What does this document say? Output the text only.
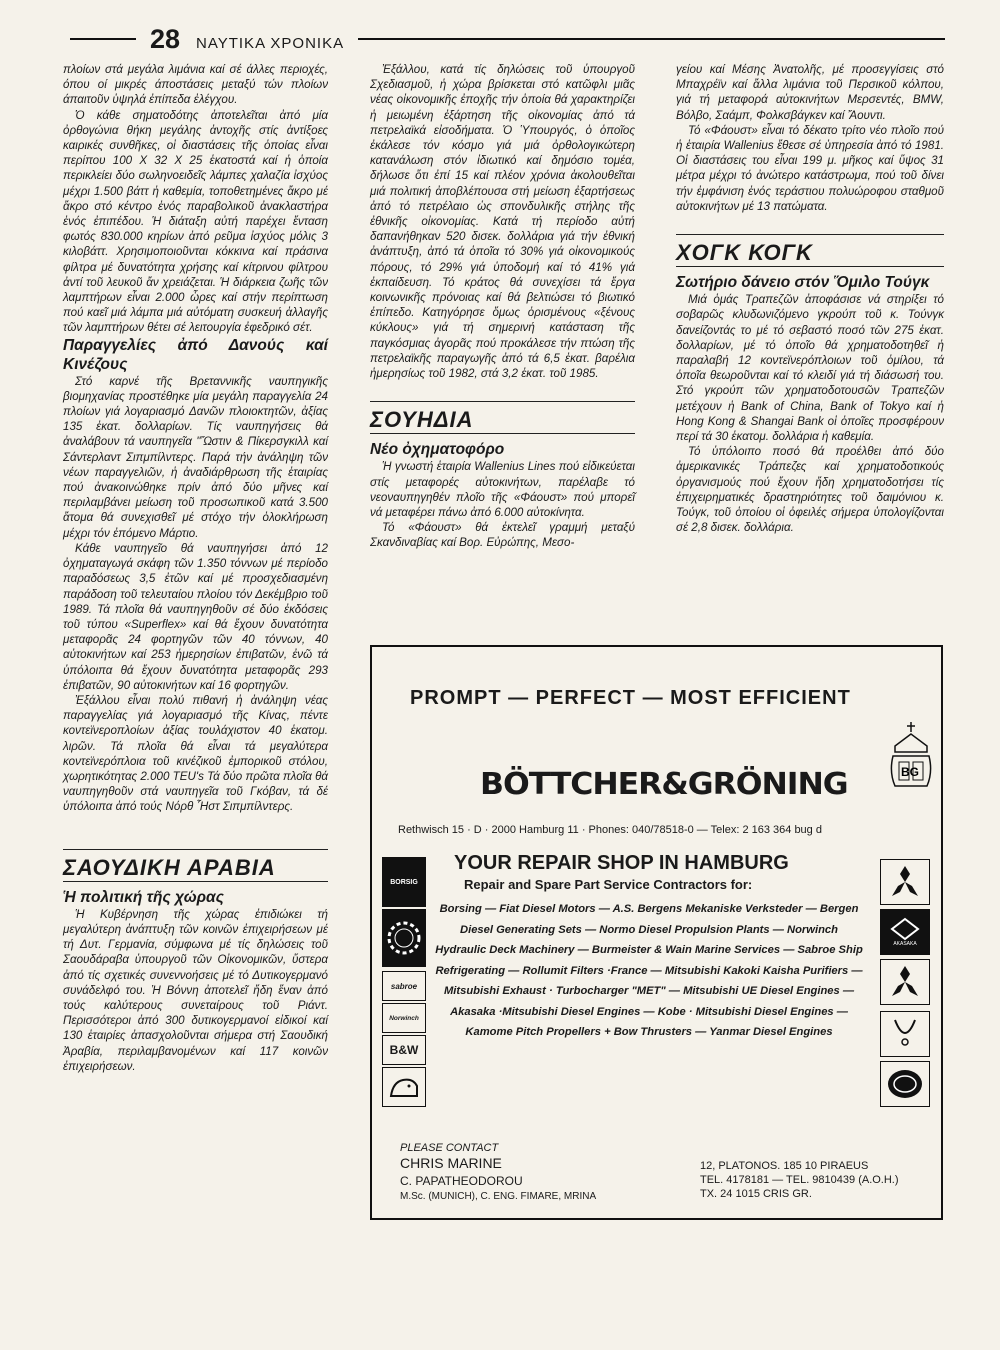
28 ΝΑΥΤΙΚΑ ΧΡΟΝΙΚΑ

πλοίων στά μεγάλα λιμάνια καί σέ άλλες περιοχές, όπου οί μικρές άποστάσεις μεταξύ τών πλοίων άπαιτοῦν ὑψηλά ἐπίπεδα ἐλέγχου.

Ὁ κάθε σηματοδότης ἀποτελεῖται ἀπό μία ὀρθογώνια θήκη μεγάλης ἀντοχῆς στίς ἀντίξοες καιρικές συνθῆκες, οἱ διαστάσεις τῆς ὁποίας εἶναι περίπου 100 Χ 32 Χ 25 ἑκατοστά καί ἡ ὁποία περικλείει δύο σωληνοειδεῖς λάμπες χαλαζία ἰσχύος μέχρι 1.500 βάττ ἡ καθεμία, τοποθετημένες ἄκρο μέ ἄκρο στό κέντρο ἑνός παραβολικοῦ ἀνακλαστήρα ἑνός ἐπιπέδου. Ἡ διάταξη αὐτή παρέχει ἔνταση φωτός 830.000 κηρίων ἀπό ρεῦμα ἰσχύος μόλις 3 κιλοβάττ. Χρησιμοποιοῦνται κόκκινα καί πράσινα φίλτρα μέ δυνατότητα χρήσης καί κίτρινου φίλτρου ἀντί τοῦ λευκοῦ ἄν χρειάζεται. Ἡ διάρκεια ζωῆς τῶν λαμπτήρων εἶναι 2.000 ὧρες καί στήν περίπτωση πού καεῖ μιά λάμπα μιά αὐτόματη συσκευή ἀλλαγῆς τῶν λαμπτήρων θέτει σέ λειτουργία ἐφεδρικό σέτ.

Παραγγελίες ἀπό Δανούς καί Κινέζους

Στό καρνέ τῆς Βρεταννικῆς ναυπηγικῆς βιομηχανίας προστέθηκε μία μεγάλη παραγγελία 24 πλοίων γιά λογαριασμό Δανῶν πλοιοκτητῶν, ἀξίας 135 ἑκατ. δολλαρίων. Τίς ναυπηγήσεις θά ἀναλάβουν τά ναυπηγεῖα "Ὤστιν & Πίκερσγκιλλ καί Σάντερλαντ Σιπμπίλντερς. Παρά τήν ἀνάληψη τῶν νέων παραγγελιῶν, ἡ ἀναδιάρθρωση τῆς ἑταιρίας πού ἀνακοινώθηκε πρίν ἀπό δύο μῆνες καί περιλαμβάνει μείωση τοῦ προσωπικοῦ κατά 3.500 ἄτομα θά συνεχισθεῖ μέ στόχο τήν ὁλοκλήρωση μέχρι τόν ἐπόμενο Μάρτιο.

Κάθε ναυπηγεῖο θά ναυπηγήσει ἀπό 12 ὀχηματαγωγά σκάφη τῶν 1.350 τόννων μέ περίοδο παραδόσεως 3,5 ἐτῶν καί μέ προσχεδιασμένη παράδοση τοῦ τελευταίου πλοίου τόν Δεκέμβριο τοῦ 1989. Τά πλοῖα θά ναυπηγηθοῦν σέ δύο ἐκδόσεις τοῦ τύπου «Superflex» καί θά ἔχουν δυνατότητα μεταφορᾶς 24 φορτηγῶν τῶν 40 τόννων, 40 αὐτοκινήτων καί 253 ἡμερησίων ἐπιβατῶν, ἐνῶ τά ὑπόλοιπα θά ἔχουν δυνατότητα μεταφορᾶς 293 ἐπιβατῶν, 90 αὐτοκινήτων καί 16 φορτηγῶν.

Ἐξάλλου εἶναι πολύ πιθανή ἡ ἀνάληψη νέας παραγγελίας γιά λογαριασμό τῆς Κίνας, πέντε κοντεϊνεροπλοίων ἀξίας τουλάχιστον 40 ἑκατομ. λιρῶν. Τά πλοῖα θά εἶναι τά μεγαλύτερα κοντεϊνερόπλοια τοῦ κινέζικοῦ ἐμπορικοῦ στόλου, χωρητικότητας 2.000 TEU's Τά δύο πρῶτα πλοῖα θά ναυπηγηθοῦν στά ναυπηγεῖα τοῦ Γκόβαν, τά δέ ὑπόλοιπα ἀπό τούς Νόρθ Ἧστ Σιπμπίλντερς.

ΣΑΟΥΔΙΚΗ ΑΡΑΒΙΑ

Ἡ πολιτική τῆς χώρας

Ἡ Κυβέρνηση τῆς χώρας ἐπιδιώκει τή μεγαλύτερη ἀνάπτυξη τῶν κοινῶν ἐπιχειρήσεων μέ τή Δυτ. Γερμανία, σύμφωνα μέ τίς δηλώσεις τοῦ Σαουδάραβα ὑπουργοῦ τῶν Οἰκονομικῶν, ὕστερα ἀπό τίς σχετικές συνεννοήσεις μέ τό Δυτικογερμανό συνάδελφό του. Ἡ Βόννη ἀποτελεῖ ἤδη ἕναν ἀπό τούς καλύτερους συνεταίρους τοῦ Ριάντ. Περισσότεροι ἀπό 300 δυτικογερμανοί εἰδικοί καί 130 ἑταιρίες ἀπασχολοῦνται σήμερα στή Σαουδική Ἀραβία, περιλαμβανομένων καί 117 κοινῶν ἐπιχειρήσεων.

Ἐξάλλου, κατά τίς δηλώσεις τοῦ ὑπουργοῦ Σχεδιασμοῦ, ἡ χώρα βρίσκεται στό κατῶφλι μιᾶς νέας οἰκονομικῆς ἐποχῆς τήν ὁποία θά χαρακτηρίζει ἡ μειωμένη ἐξάρτηση τῆς οἰκονομίας ἀπό τά πετρελαϊκά εἰσοδήματα. Ὁ Ὑπουργός, ὁ ὁποῖος ἐκάλεσε τόν κόσμο γιά μιά ὀρθολογικώτερη κατανάλωση στόν ἰδιωτικό καί δημόσιο τομέα, δήλωσε ὅτι ἐπί 15 καί πλέον χρόνια ἀκολουθεῖται μιά πολιτική ἀποβλέπουσα στή μείωση ἐξαρτήσεως ἀπό τό πετρέλαιο ὡς σπονδυλικῆς στήλης τῆς ἐθνικῆς οἰκονομίας. Κατά τή περίοδο αὐτή δαπανήθηκαν 520 δισεκ. δολλάρια γιά τήν ἐθνική ἀνάπτυξη, ἀπό τά ὁποῖα τό 30% γιά οἰκονομικούς πόρους, τό 29% γιά ὑποδομή καί τό 41% γιά ἐκπαίδευση. Τό κράτος θά συνεχίσει τά ἔργα κοινωνικῆς πρόνοιας καί θά βελτιώσει τό βιωτικό ἐπίπεδο. Κατηγόρησε ὅμως ὁρισμένους «ξένους κύκλους» γιά τή σημερινή κατάσταση τῆς παγκόσμιας ἀγορᾶς πού προκάλεσε τήν πτώση τῆς πετρελαϊκῆς παραγωγῆς ἀπό τά 6,5 ἑκατ. βαρέλια ἡμερησίως τοῦ 1982, στά 3,2 ἑκατ. τοῦ 1985.

ΣΟΥΗΔΙΑ

Νέο ὀχηματοφόρο

Ἡ γνωστή ἑταιρία Wallenius Lines πού εἰδικεύεται στίς μεταφορές αὐτοκινήτων, παρέλαβε τό νεοναυπηγηθέν πλοῖο τῆς «Φάουστ» πού μπορεῖ νά μεταφέρει πάνω ἀπό 6.000 αὐτοκίνητα.

Τό «Φάουστ» θά ἐκτελεῖ γραμμή μεταξύ Σκανδιναβίας καί Βορ. Εὐρώπης, Μεσο-

γείου καί Μέσης Ἀνατολῆς, μέ προσεγγίσεις στό Μπαχρέϊν καί ἄλλα λιμάνια τοῦ Περσικοῦ κόλπου, γιά τή μεταφορά αὐτοκινήτων Μερσεντές, BMW, Βόλβο, Σαάμπ, Φολκσβάγκεν καί Ἄουντι.

Τό «Φάουστ» εἶναι τό δέκατο τρίτο νέο πλοῖο πού ἡ ἑταιρία Wallenius ἔθεσε σέ ὑπηρεσία ἀπό τό 1981. Οἱ διαστάσεις του εἶναι 199 μ. μῆκος καί ὕψος 31 μέτρα μέχρι τό ἀνώτερο κατάστρωμα, πού τοῦ δίνει τήν ἐμφάνιση ἑνός τεράστιου πολυώροφου σταθμοῦ αὐτοκινήτων μέ 13 πατώματα.

ΧΟΓΚ ΚΟΓΚ

Σωτήριο δάνειο στόν Ὅμιλο Τούγκ

Μιά ὁμάς Τραπεζῶν ἀποφάσισε νά στηρίξει τό σοβαρῶς κλυδωνιζόμενο γκρούπ τοῦ κ. Τούνγκ δανείζοντάς το μέ τό σεβαστό ποσό τῶν 275 ἑκατ. δολλαρίων, μέ τό ὁποῖο θά χρηματοδοτηθεῖ ἡ παραλαβή 12 κοντεϊνερόπλοιων τοῦ ὁμίλου, τά ὁποῖα θεωροῦνται καί τό κλειδί γιά τή διάσωσή του. Στό γκρούπ τῶν χρηματοδοτουσῶν Τραπεζῶν μετέχουν ἡ Bank of China, Bank of Tokyo καί ἡ Hong Kong & Shangai Bank οἱ ὁποῖες προσφέρουν περί τά 30 ἑκατομ. δολλάρια ἡ καθεμία.

Τό ὑπόλοιπο ποσό θά προέλθει ἀπό δύο ἀμερικανικές Τράπεζες καί χρηματοδοτικούς ὀργανισμούς πού ἔχουν ἤδη χρηματοδοτήσει τίς ἐπιχειρηματικές δραστηριότητες τοῦ δαιμόνιου κ. Τούγκ, τοῦ ὁποίου οἱ ὀφειλές σήμερα ὑπολογίζονται σέ 2,8 δισεκ. δολλάρια.

PROMPT — PERFECT — MOST EFFICIENT
BÖTTCHER&GRÖNING	BG
Rethwisch 15 · D · 2000 Hamburg 11 · Phones: 040/78518-0 — Telex: 2 163 364 bug d
YOUR REPAIR SHOP IN HAMBURG
Repair and Spare Part Service Contractors for:
Borsing — Fiat Diesel Motors — A.S. Bergens Mekaniske Verksteder — Bergen Diesel Generating Sets — Normo Diesel Propulsion Plants — Norwinch Hydraulic Deck Machinery — Burmeister & Wain Marine Services — Sabroe Ship Refrigerating — Rollumit Filters ·France — Mitsubishi Kakoki Kaisha Purifiers — Mitsubishi Exhaust · Turbocharger "MET" — Mitsubishi UE Diesel Engines — Akasaka ·Mitsubishi Diesel Engines — Kobe · Mitsubishi Diesel Engines — Kamome Pitch Propellers + Bow Thrusters — Yanmar Diesel Engines
BORSIG
sabroe
Norwinch
B&W
AKASAKA
PLEASE CONTACT
CHRIS MARINE
C. PAPATHEODOROU
M.Sc. (MUNICH), C. ENG. FIMARE, MRINA
12, PLATONOS. 185 10 PIRAEUS
TEL. 4178181 — TEL. 9810439 (A.O.H.)
TX. 24 1015 CRIS GR.
